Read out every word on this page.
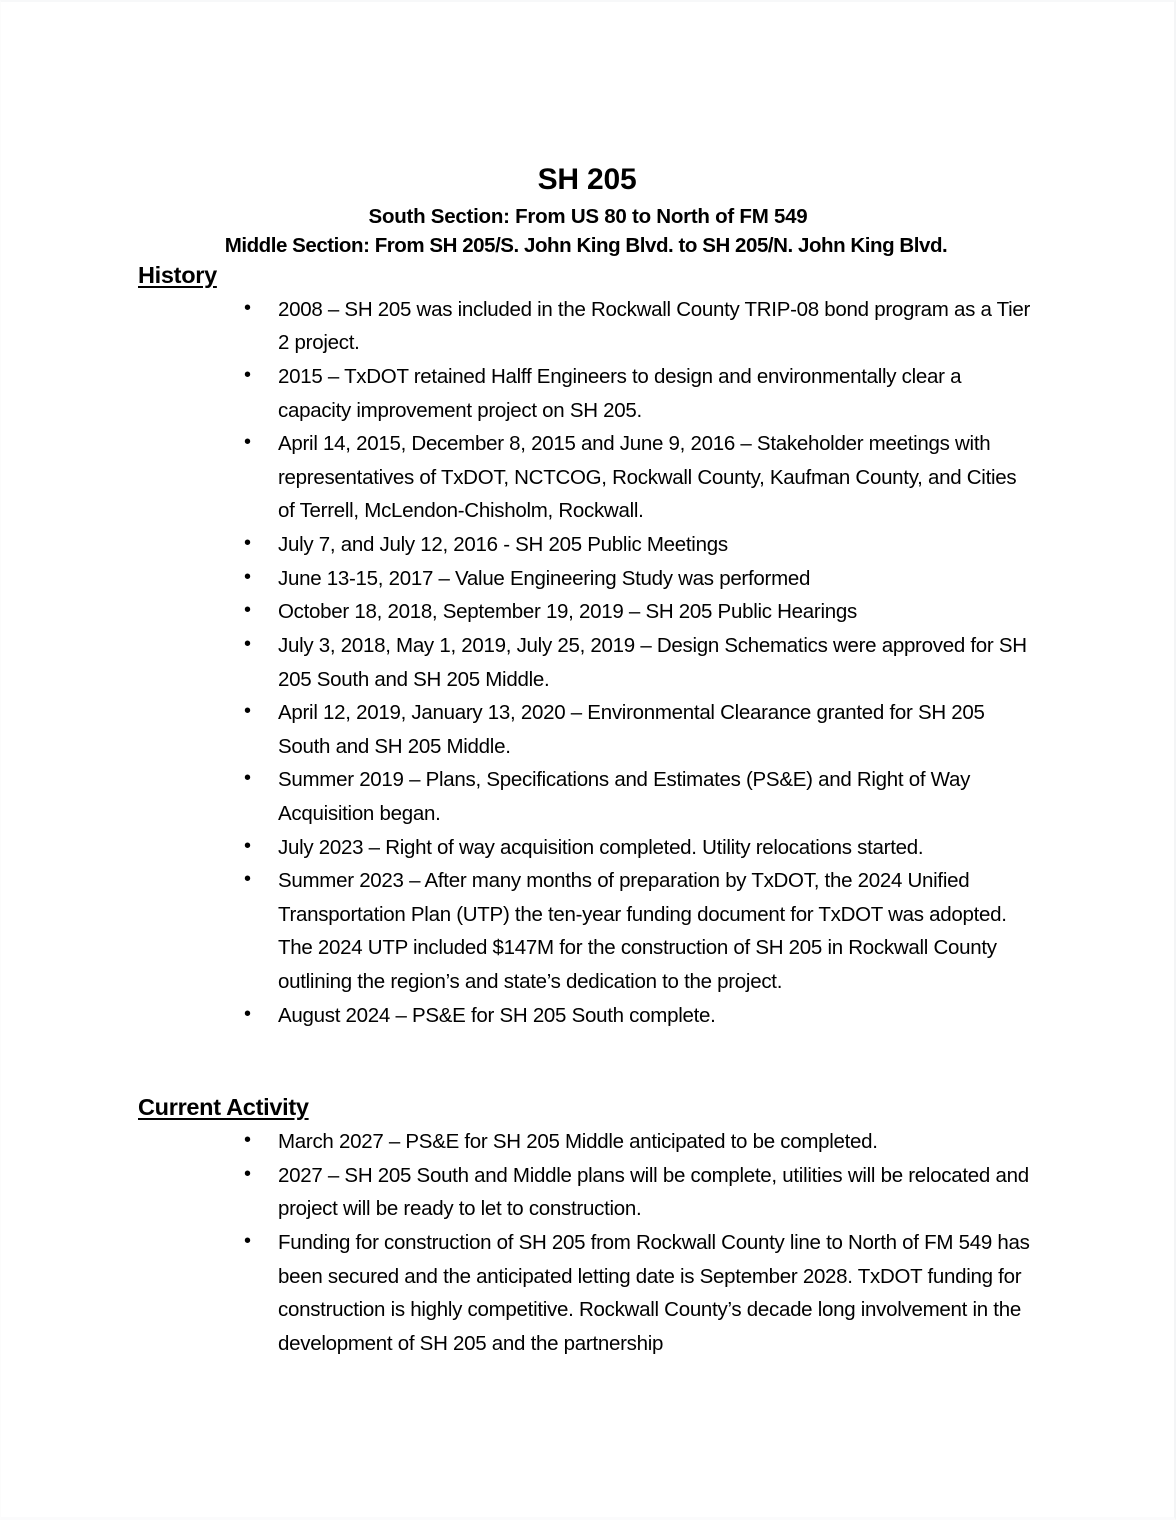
SH 205
South Section: From US 80 to North of FM 549
Middle Section: From SH 205/S. John King Blvd. to SH 205/N. John King Blvd.
History
• 2008 – SH 205 was included in the Rockwall County TRIP-08 bond program as a Tier 2 project.
• 2015 – TxDOT retained Halff Engineers to design and environmentally clear a capacity improvement project on SH 205.
• April 14, 2015, December 8, 2015 and June 9, 2016 – Stakeholder meetings with representatives of TxDOT, NCTCOG, Rockwall County, Kaufman County, and Cities of Terrell, McLendon-Chisholm, Rockwall.
• July 7, and July 12, 2016 - SH 205 Public Meetings
• June 13-15, 2017 – Value Engineering Study was performed
• October 18, 2018, September 19, 2019 – SH 205 Public Hearings
• July 3, 2018, May 1, 2019, July 25, 2019 – Design Schematics were approved for SH 205 South and SH 205 Middle.
• April 12, 2019, January 13, 2020 – Environmental Clearance granted for SH 205 South and SH 205 Middle.
• Summer 2019 – Plans, Specifications and Estimates (PS&E) and Right of Way Acquisition began.
• July 2023 – Right of way acquisition completed. Utility relocations started.
• Summer 2023 – After many months of preparation by TxDOT, the 2024 Unified Transportation Plan (UTP) the ten-year funding document for TxDOT was adopted. The 2024 UTP included $147M for the construction of SH 205 in Rockwall County outlining the region’s and state’s dedication to the project.
• August 2024 – PS&E for SH 205 South complete.
Current Activity
• March 2027 – PS&E for SH 205 Middle anticipated to be completed.
• 2027 – SH 205 South and Middle plans will be complete, utilities will be relocated and project will be ready to let to construction.
• Funding for construction of SH 205 from Rockwall County line to North of FM 549 has been secured and the anticipated letting date is September 2028. TxDOT funding for construction is highly competitive. Rockwall County’s decade long involvement in the development of SH 205 and the partnership
